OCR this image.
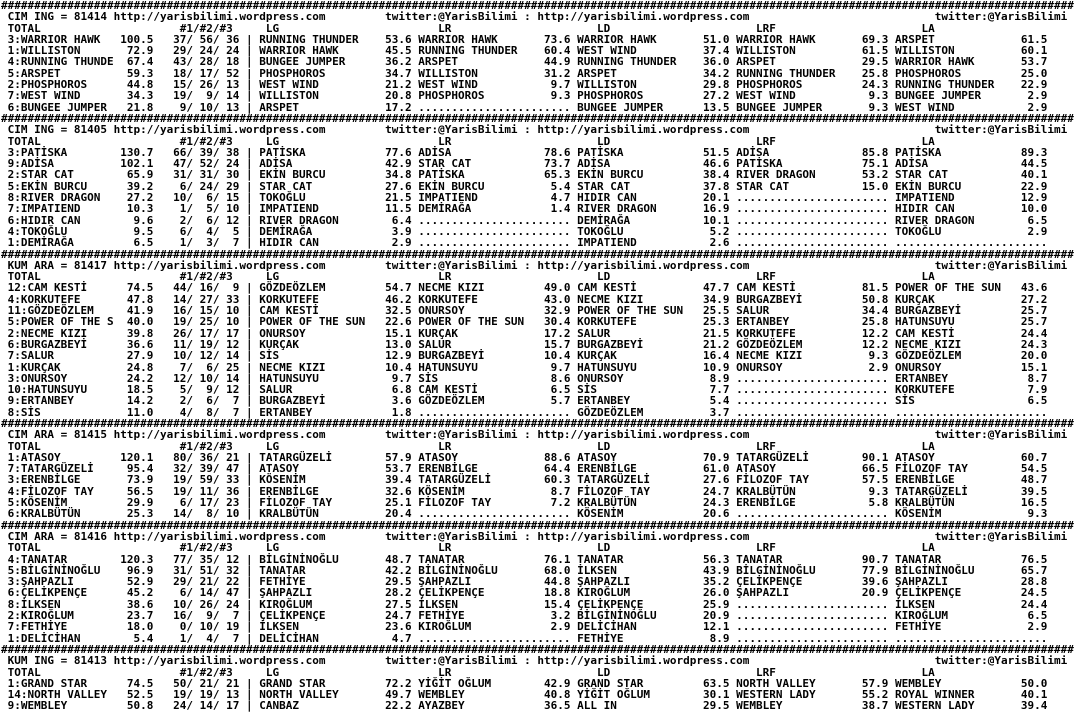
##################################################################################################################################################################
CIM ING = 81414 http://yarisbilimi.wordpress.com         twitter:@YarisBilimi : http://yarisbilimi.wordpress.com                            twitter:@YarisBilimi
TOTAL                     #1/#2/#3     LG                        LR                      LD                      LRF                      LA
3:WARRIOR HAWK   100.5   37/ 56/ 36 | RUNNING THUNDER    53.6 WARRIOR HAWK       73.6 WARRIOR HAWK       51.0 WARRIOR HAWK       69.3 ARSPET             61.5
1:WILLISTON       72.9   29/ 24/ 24 | WARRIOR HAWK       45.5 RUNNING THUNDER    60.4 WEST WIND          37.4 WILLISTON          61.5 WILLISTON          60.1
4:RUNNING THUNDE  67.4   43/ 28/ 18 | BUNGEE JUMPER      36.2 ARSPET             44.9 RUNNING THUNDER    36.0 ARSPET             29.5 WARRIOR HAWK       53.7
5:ARSPET          59.3   18/ 17/ 52 | PHOSPHOROS         34.7 WILLISTON          31.2 ARSPET             34.2 RUNNING THUNDER    25.8 PHOSPHOROS         25.0
2:PHOSPHOROS      44.8   15/ 26/ 13 | WEST WIND          21.2 WEST WIND           9.7 WILLISTON          29.8 PHOSPHOROS         24.3 RUNNING THUNDER    22.9
7:WEST WIND       34.3   19/  9/ 14 | WILLISTON          20.8 PHOSPHOROS          9.3 PHOSPHOROS         27.2 WEST WIND           9.3 BUNGEE JUMPER       2.9
6:BUNGEE JUMPER   21.8    9/ 10/ 13 | ARSPET             17.2 ....................... BUNGEE JUMPER      13.5 BUNGEE JUMPER       9.3 WEST WIND           2.9
##################################################################################################################################################################
CIM ING = 81405 http://yarisbilimi.wordpress.com         twitter:@YarisBilimi : http://yarisbilimi.wordpress.com                            twitter:@YarisBilimi
TOTAL                     #1/#2/#3     LG                        LR                      LD                      LRF                      LA
3:PATİSKA        130.7   66/ 39/ 38 | PATİSKA            77.6 ADİSA              78.6 PATİSKA            51.5 ADİSA              85.8 PATİSKA            89.3
9:ADİSA          102.1   47/ 52/ 24 | ADİSA              42.9 STAR CAT           73.7 ADİSA              46.6 PATİSKA            75.1 ADİSA              44.5
2:STAR CAT        65.9   31/ 31/ 30 | EKİN BURCU         34.8 PATİSKA            65.3 EKİN BURCU         38.4 RIVER DRAGON       53.2 STAR CAT           40.1
5:EKİN BURCU      39.2    6/ 24/ 29 | STAR CAT           27.6 EKİN BURCU          5.4 STAR CAT           37.8 STAR CAT           15.0 EKİN BURCU         22.9
8:RIVER DRAGON    27.2   10/  6/ 15 | TOKOĞLU            21.5 IMPATIEND           4.7 HIDIR CAN          20.1 ....................... IMPATIEND          12.9
7:IMPATIEND       10.3    1/  5/ 10 | IMPATIEND          11.5 DEMİRAĞA            1.4 RIVER DRAGON       16.9 ....................... HIDIR CAN          10.0
6:HIDIR CAN        9.6    2/  6/ 12 | RIVER DRAGON        6.4 ....................... DEMİRAĞA           10.1 ....................... RIVER DRAGON        6.5
4:TOKOĞLU          9.5    6/  4/  5 | DEMİRAĞA            3.9 ....................... TOKOĞLU             5.2 ....................... TOKOĞLU             2.9
1:DEMİRAĞA         6.5    1/  3/  7 | HIDIR CAN           2.9 ....................... IMPATIEND           2.6 ....................... .......................
##################################################################################################################################################################
KUM ARA = 81417 http://yarisbilimi.wordpress.com         twitter:@YarisBilimi : http://yarisbilimi.wordpress.com                            twitter:@YarisBilimi
TOTAL                     #1/#2/#3     LG                        LR                      LD                      LRF                      LA
12:CAM KESTİ      74.5   44/ 16/  9 | GÖZDEÖZLEM         54.7 NECME KIZI         49.0 CAM KESTİ          47.7 CAM KESTİ          81.5 POWER OF THE SUN   43.6
4:KORKUTEFE       47.8   14/ 27/ 33 | KORKUTEFE          46.2 KORKUTEFE          43.0 NECME KIZI         34.9 BURGAZBEYİ         50.8 KURÇAK             27.2
11:GÖZDEÖZLEM     41.9   16/ 15/ 10 | CAM KESTİ          32.5 ONURSOY            32.9 POWER OF THE SUN   25.5 SALUR              34.4 BURGAZBEYİ         25.7
5:POWER OF THE S  40.0   19/ 25/ 10 | POWER OF THE SUN   22.6 POWER OF THE SUN   30.4 KORKUTEFE          25.3 ERTANBEY           25.8 HATUNSUYU          25.7
2:NECME KIZI      39.8   26/ 17/ 17 | ONURSOY            15.1 KURÇAK             17.2 SALUR              21.5 KORKUTEFE          12.2 CAM KESTİ          24.4
6:BURGAZBEYİ      36.6   11/ 19/ 12 | KURÇAK             13.0 SALUR              15.7 BURGAZBEYİ         21.2 GÖZDEÖZLEM         12.2 NECME KIZI         24.3
7:SALUR           27.9   10/ 12/ 14 | SİS                12.9 BURGAZBEYİ         10.4 KURÇAK             16.4 NECME KIZI          9.3 GÖZDEÖZLEM         20.0
1:KURÇAK          24.8    7/  6/ 25 | NECME KIZI         10.4 HATUNSUYU           9.7 HATUNSUYU          10.9 ONURSOY             2.9 ONURSOY            15.1
3:ONURSOY         24.2   12/ 10/ 14 | HATUNSUYU           9.7 SİS                 8.6 ONURSOY             8.9 ....................... ERTANBEY            8.7
10:HATUNSUYU      18.5    5/  9/ 12 | SALUR               6.8 CAM KESTİ           6.5 SİS                 7.7 ....................... KORKUTEFE           7.9
9:ERTANBEY        14.2    2/  6/  7 | BURGAZBEYİ          3.6 GÖZDEÖZLEM          5.7 ERTANBEY            5.4 ....................... SİS                 6.5
8:SİS             11.0    4/  8/  7 | ERTANBEY            1.8 ....................... GÖZDEÖZLEM          3.7 ....................... .......................
##################################################################################################################################################################
CIM ARA = 81415 http://yarisbilimi.wordpress.com         twitter:@YarisBilimi : http://yarisbilimi.wordpress.com                            twitter:@YarisBilimi
TOTAL                     #1/#2/#3     LG                        LR                      LD                      LRF                      LA
1:ATASOY         120.1   80/ 36/ 21 | TATARGÜZELİ        57.9 ATASOY             88.6 ATASOY             70.9 TATARGÜZELİ        90.1 ATASOY             60.7
7:TATARGÜZELİ     95.4   32/ 39/ 47 | ATASOY             53.7 ERENBİLGE          64.4 ERENBİLGE          61.0 ATASOY             66.5 FİLOZOF TAY        54.5
3:ERENBİLGE       73.9   19/ 59/ 33 | KÖSENİM            39.4 TATARGÜZELİ        60.3 TATARGÜZELİ        27.6 FİLOZOF TAY        57.5 ERENBİLGE          48.7
4:FİLOZOF TAY     56.5   19/ 11/ 36 | ERENBİLGE          32.6 KÖSENİM             8.7 FİLOZOF TAY        24.7 KRALBÜTÜN           9.3 TATARGÜZELİ        39.5
5:KÖSENİM         29.9    6/ 17/ 23 | FİLOZOF TAY        25.1 FİLOZOF TAY         7.2 KRALBÜTÜN          24.3 ERENBİLGE           5.8 KRALBÜTÜN          16.5
6:KRALBÜTÜN       25.3   14/  8/ 10 | KRALBÜTÜN          20.4 ....................... KÖSENİM            20.6 ....................... KÖSENİM             9.3
##################################################################################################################################################################
CIM ARA = 81416 http://yarisbilimi.wordpress.com         twitter:@YarisBilimi : http://yarisbilimi.wordpress.com                            twitter:@YarisBilimi
TOTAL                     #1/#2/#3     LG                        LR                      LD                      LRF                      LA
4:TANATAR        120.3   77/ 35/ 12 | BİLGİNİNOĞLU       48.7 TANATAR            76.1 TANATAR            56.3 TANATAR            90.7 TANATAR            76.5
5:BİLGİNİNOĞLU    96.9   31/ 51/ 32 | TANATAR            42.2 BİLGİNİNOĞLU       68.0 İLKSEN             43.9 BİLGİNİNOĞLU       77.9 BİLGİNİNOĞLU       65.7
3:ŞAHPAZLI        52.9   29/ 21/ 22 | FETHİYE            29.5 ŞAHPAZLI           44.8 ŞAHPAZLI           35.2 ÇELİKPENÇE         39.6 ŞAHPAZLI           28.8
6:ÇELİKPENÇE      45.2    6/ 14/ 47 | ŞAHPAZLI           28.2 ÇELİKPENÇE         18.8 KIROĞLUM           26.0 ŞAHPAZLI           20.9 ÇELİKPENÇE         24.5
8:İLKSEN          38.6   10/ 26/ 24 | KIROĞLUM           27.5 İLKSEN             15.4 ÇELİKPENÇE         25.9 ....................... İLKSEN             24.4
2:KIROĞLUM        23.7   16/  9/  7 | ÇELİKPENÇE         24.7 FETHİYE             3.2 BİLGİNİNOĞLU       20.9 ....................... KIROĞLUM            6.5
7:FETHİYE         18.0    0/ 10/ 19 | İLKSEN             23.6 KIROĞLUM            2.9 DELİCİHAN          12.1 ....................... FETHİYE             2.9
1:DELİCİHAN        5.4    1/  4/  7 | DELİCİHAN           4.7 ....................... FETHİYE             8.9 ....................... .......................
##################################################################################################################################################################
KUM ING = 81413 http://yarisbilimi.wordpress.com         twitter:@YarisBilimi : http://yarisbilimi.wordpress.com                            twitter:@YarisBilimi
TOTAL                     #1/#2/#3     LG                        LR                      LD                      LRF                      LA
1:GRAND STAR      74.5   50/ 21/ 21 | GRAND STAR         72.2 YİĞİT OĞLUM        42.9 GRAND STAR         63.5 NORTH VALLEY       57.9 WEMBLEY            50.0
14:NORTH VALLEY   52.5   19/ 19/ 13 | NORTH VALLEY       49.7 WEMBLEY            40.8 YİĞİT OĞLUM        30.1 WESTERN LADY       55.2 ROYAL WINNER       40.1
9:WEMBLEY         50.8   24/ 14/ 17 | CANBAZ             22.2 AYAZBEY            36.5 ALL IN             29.5 WEMBLEY            38.7 WESTERN LADY       39.4
